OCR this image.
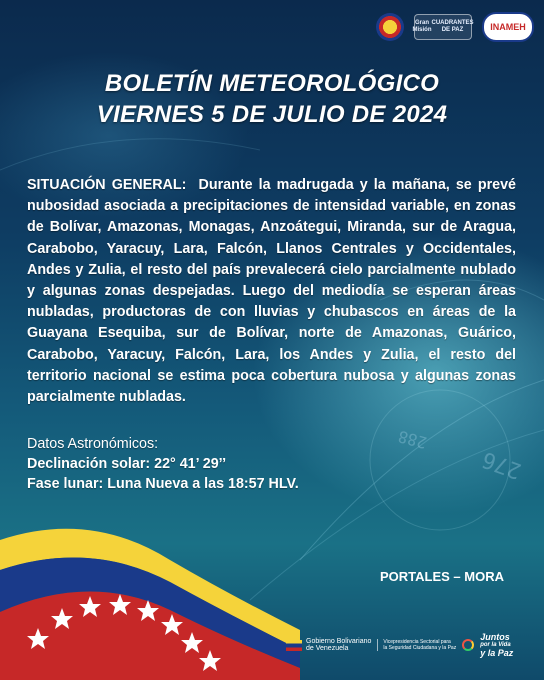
276
288
Gran Misión
CUADRANTES DE PAZ	INAMEH
BOLETÍN METEOROLÓGICO
VIERNES 5 DE JULIO DE 2024
SITUACIÓN GENERAL: Durante la madrugada y la mañana, se prevé nubosidad asociada a precipitaciones de intensidad variable, en zonas de Bolívar, Amazonas, Monagas, Anzoátegui, Miranda, sur de Aragua, Carabobo, Yaracuy, Lara, Falcón, Llanos Centrales y Occidentales, Andes y Zulia, el resto del país prevalecerá cielo parcialmente nublado y algunas zonas despejadas. Luego del mediodía se esperan áreas nubladas, productoras de con lluvias y chubascos en áreas de la Guayana Esequiba, sur de Bolívar, norte de Amazonas, Guárico, Carabobo, Yaracuy, Falcón, Lara, los Andes y Zulia, el resto del territorio nacional se estima poca cobertura nubosa y algunas zonas parcialmente nubladas.
Datos Astronómicos:
Declinación solar: 22° 41’ 29’’
Fase lunar: Luna Nueva a las 18:57 HLV.
PORTALES – MORA
Gobierno Bolivariano
de Venezuela
Vicepresidencia Sectorial para
la Seguridad Ciudadana y la Paz
Juntos
por la Vida
y la Paz
